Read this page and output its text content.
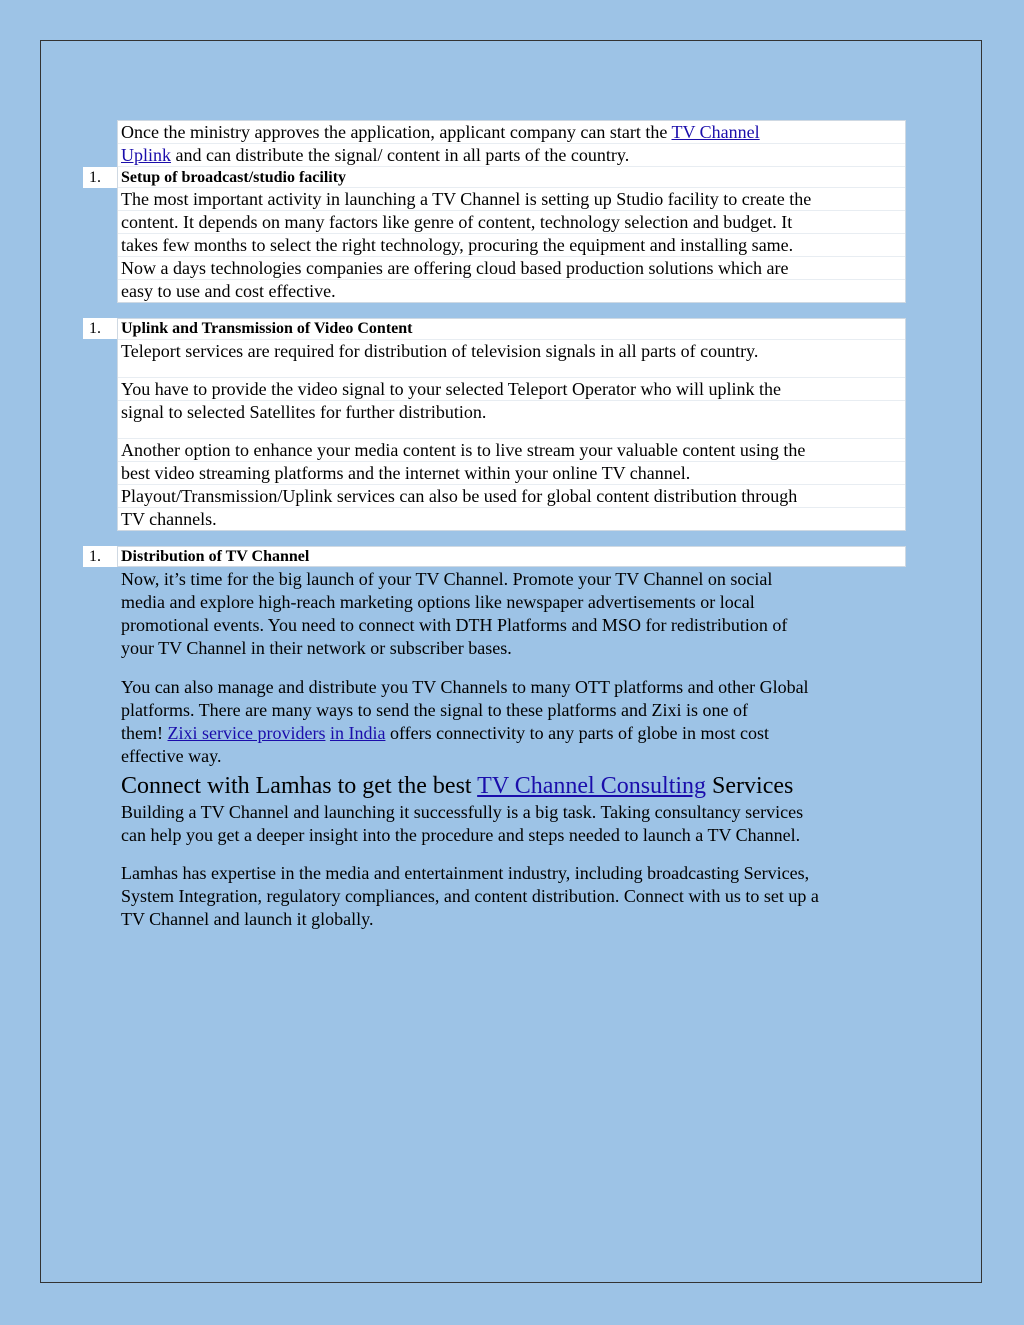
Once the ministry approves the application, applicant company can start the TV Channel
Uplink and can distribute the signal/ content in all parts of the country.
1. Setup of broadcast/studio facility
The most important activity in launching a TV Channel is setting up Studio facility to create the
content. It depends on many factors like genre of content, technology selection and budget. It
takes few months to select the right technology, procuring the equipment and installing same.
Now a days technologies companies are offering cloud based production solutions which are
easy to use and cost effective.
1. Uplink and Transmission of Video Content
Teleport services are required for distribution of television signals in all parts of country.
You have to provide the video signal to your selected Teleport Operator who will uplink the
signal to selected Satellites for further distribution.
Another option to enhance your media content is to live stream your valuable content using the
best video streaming platforms and the internet within your online TV channel.
Playout/Transmission/Uplink services can also be used for global content distribution through
TV channels.
1. Distribution of TV Channel
Now, it’s time for the big launch of your TV Channel. Promote your TV Channel on social
media and explore high-reach marketing options like newspaper advertisements or local
promotional events. You need to connect with DTH Platforms and MSO for redistribution of
your TV Channel in their network or subscriber bases.
You can also manage and distribute you TV Channels to many OTT platforms and other Global
platforms. There are many ways to send the signal to these platforms and Zixi is one of
them! Zixi service providers in India offers connectivity to any parts of globe in most cost
effective way.
Connect with Lamhas to get the best TV Channel Consulting Services
Building a TV Channel and launching it successfully is a big task. Taking consultancy services
can help you get a deeper insight into the procedure and steps needed to launch a TV Channel.
Lamhas has expertise in the media and entertainment industry, including broadcasting Services,
System Integration, regulatory compliances, and content distribution. Connect with us to set up a
TV Channel and launch it globally.
